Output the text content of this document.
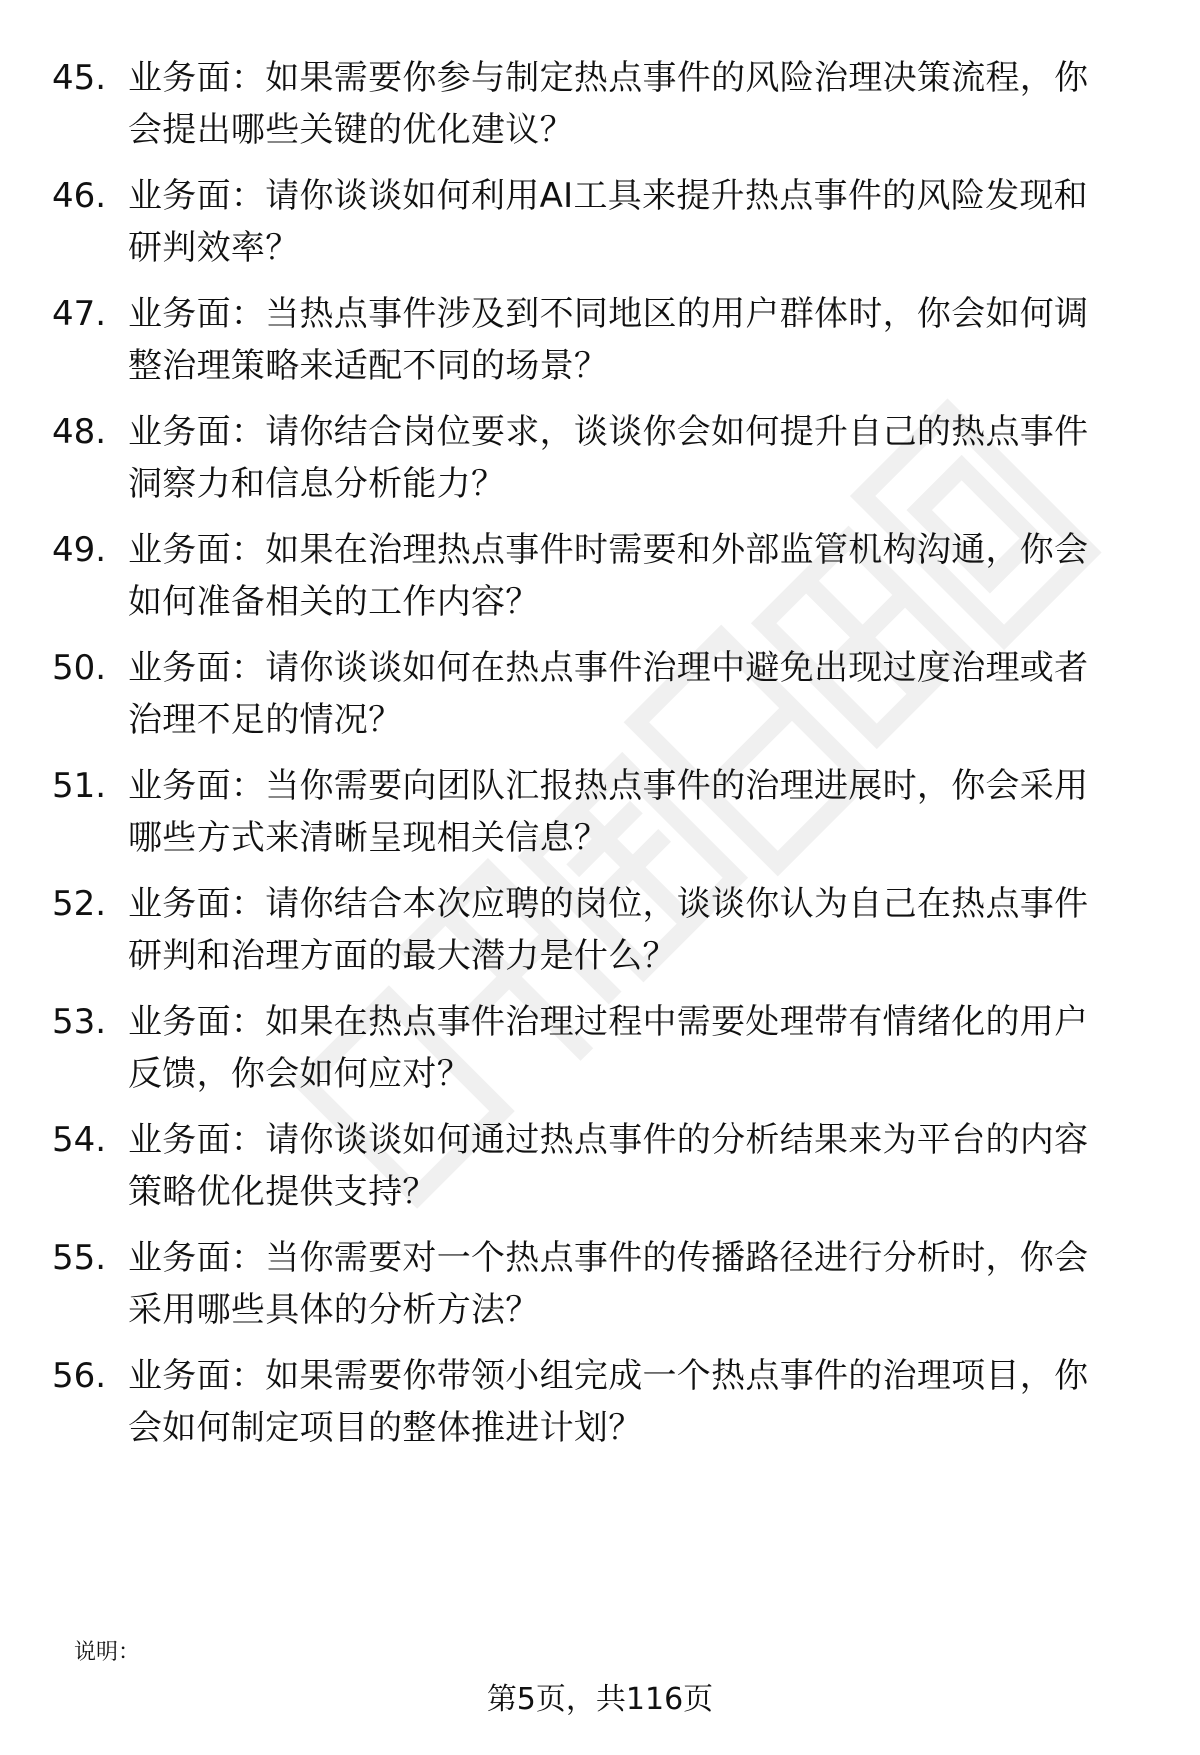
45. 业务面：如果需要你参与制定热点事件的风险治理决策流程，你
会提出哪些关键的优化建议？
46. 业务面：请你谈谈如何利用AI工具来提升热点事件的风险发现和
研判效率？
47. 业务面：当热点事件涉及到不同地区的用户群体时，你会如何调
整治理策略来适配不同的场景？
48. 业务面：请你结合岗位要求，谈谈你会如何提升自己的热点事件
洞察力和信息分析能力？
49. 业务面：如果在治理热点事件时需要和外部监管机构沟通，你会
如何准备相关的工作内容？
50. 业务面：请你谈谈如何在热点事件治理中避免出现过度治理或者
治理不足的情况？
51. 业务面：当你需要向团队汇报热点事件的治理进展时，你会采用
哪些方式来清晰呈现相关信息？
52. 业务面：请你结合本次应聘的岗位，谈谈你认为自己在热点事件
研判和治理方面的最大潜力是什么？
53. 业务面：如果在热点事件治理过程中需要处理带有情绪化的用户
反馈，你会如何应对？
54. 业务面：请你谈谈如何通过热点事件的分析结果来为平台的内容
策略优化提供支持？
55. 业务面：当你需要对一个热点事件的传播路径进行分析时，你会
采用哪些具体的分析方法？
56. 业务面：如果需要你带领小组完成一个热点事件的治理项目，你
会如何制定项目的整体推进计划？
说明：
第5页，共116页
